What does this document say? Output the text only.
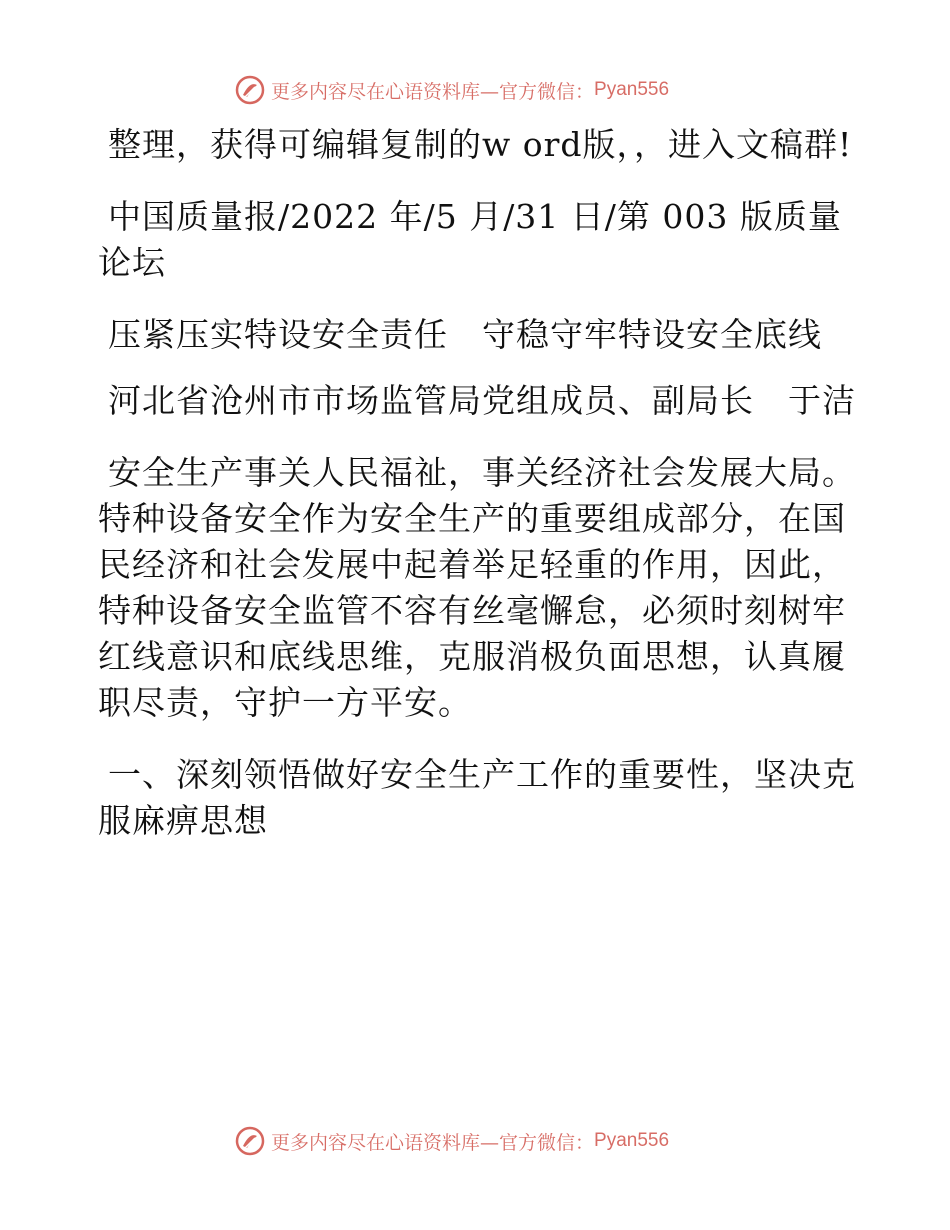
更多内容尽在心语资料库—官方微信： Pyan556

整理，获得可编辑复制的w ord版，，进入文稿群!

中国质量报/2022 年/5 月/31 日/第 003 版质量论坛

压紧压实特设安全责任　守稳守牢特设安全底线

河北省沧州市市场监管局党组成员、副局长　于洁

安全生产事关人民福祉，事关经济社会发展大局。特种设备安全作为安全生产的重要组成部分，在国民经济和社会发展中起着举足轻重的作用，因此，特种设备安全监管不容有丝毫懈怠，必须时刻树牢红线意识和底线思维，克服消极负面思想，认真履职尽责，守护一方平安。

一、深刻领悟做好安全生产工作的重要性，坚决克服麻痹思想

更多内容尽在心语资料库—官方微信： Pyan556
